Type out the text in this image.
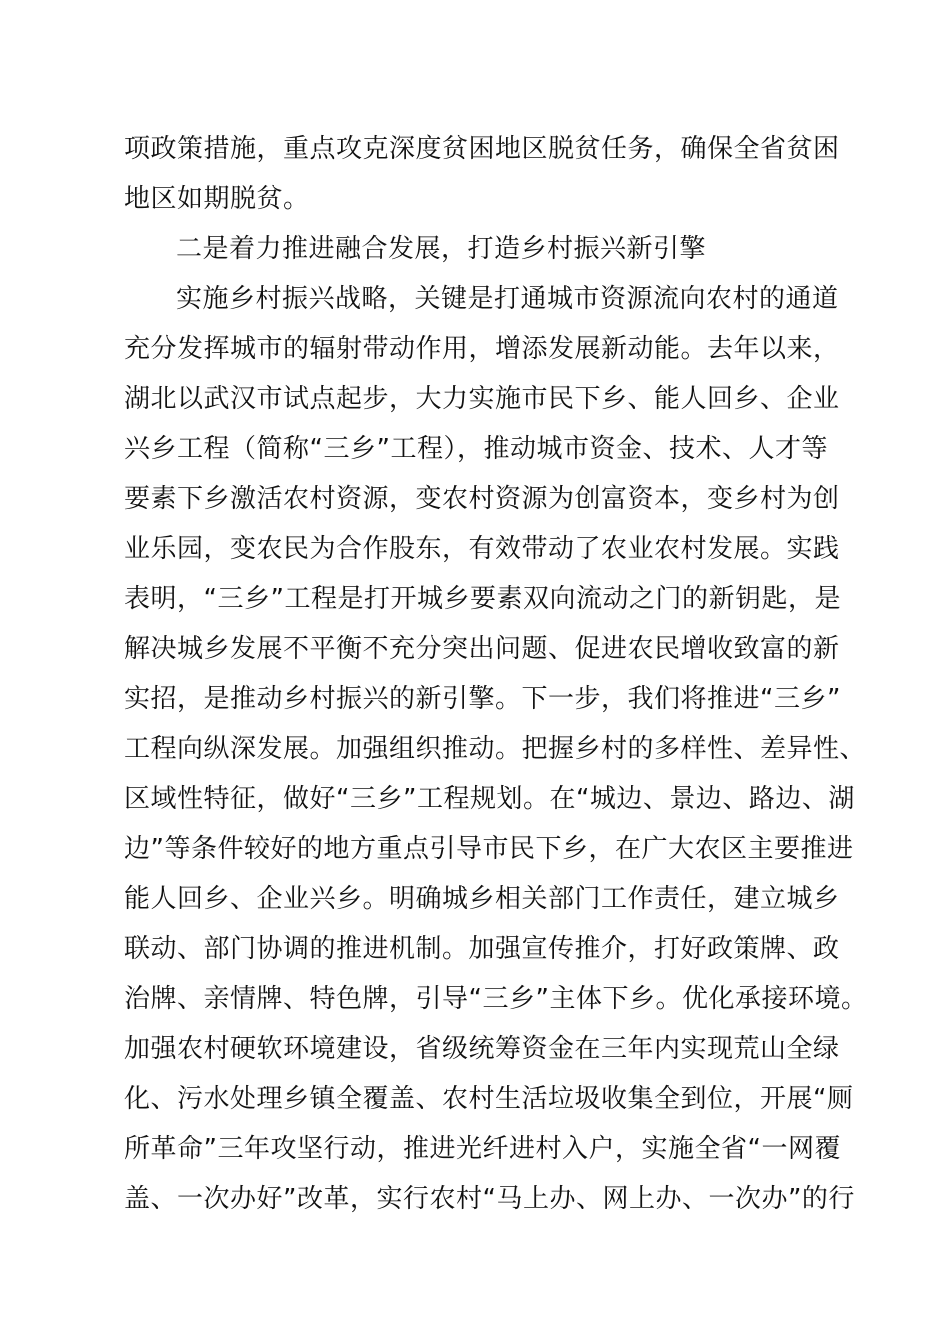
项政策措施，重点攻克深度贫困地区脱贫任务，确保全省贫困
地区如期脱贫。
二是着力推进融合发展，打造乡村振兴新引擎
实施乡村振兴战略，关键是打通城市资源流向农村的通道
充分发挥城市的辐射带动作用，增添发展新动能。去年以来，
湖北以武汉市试点起步，大力实施市民下乡、能人回乡、企业
兴乡工程（简称“三乡”工程），推动城市资金、技术、人才等
要素下乡激活农村资源，变农村资源为创富资本，变乡村为创
业乐园，变农民为合作股东，有效带动了农业农村发展。实践
表明，“三乡”工程是打开城乡要素双向流动之门的新钥匙，是
解决城乡发展不平衡不充分突出问题、促进农民增收致富的新
实招，是推动乡村振兴的新引擎。下一步，我们将推进“三乡”
工程向纵深发展。加强组织推动。把握乡村的多样性、差异性、
区域性特征，做好“三乡”工程规划。在“城边、景边、路边、湖
边”等条件较好的地方重点引导市民下乡，在广大农区主要推进
能人回乡、企业兴乡。明确城乡相关部门工作责任，建立城乡
联动、部门协调的推进机制。加强宣传推介，打好政策牌、政
治牌、亲情牌、特色牌，引导“三乡”主体下乡。优化承接环境。
加强农村硬软环境建设，省级统筹资金在三年内实现荒山全绿
化、污水处理乡镇全覆盖、农村生活垃圾收集全到位，开展“厕
所革命”三年攻坚行动，推进光纤进村入户，实施全省“一网覆
盖、一次办好”改革，实行农村“马上办、网上办、一次办”的行
